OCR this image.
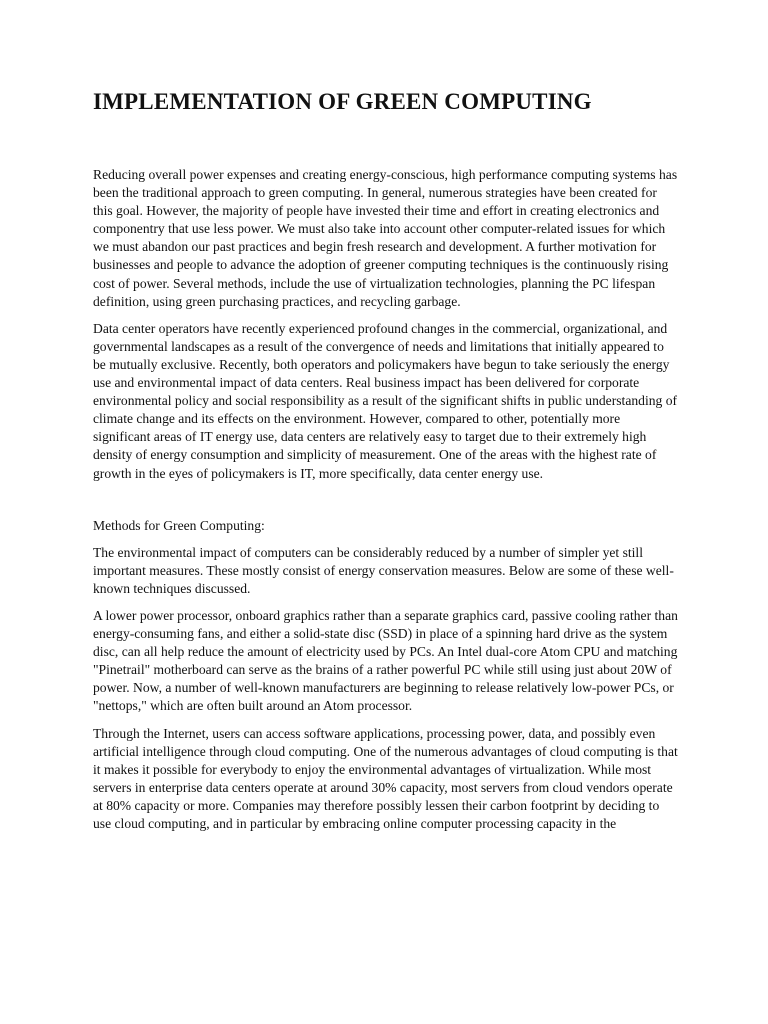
IMPLEMENTATION OF GREEN COMPUTING

Reducing overall power expenses and creating energy-conscious, high performance computing systems has been the traditional approach to green computing. In general, numerous strategies have been created for this goal. However, the majority of people have invested their time and effort in creating electronics and componentry that use less power. We must also take into account other computer-related issues for which we must abandon our past practices and begin fresh research and development. A further motivation for businesses and people to advance the adoption of greener computing techniques is the continuously rising cost of power. Several methods, include the use of virtualization technologies, planning the PC lifespan definition, using green purchasing practices, and recycling garbage.

Data center operators have recently experienced profound changes in the commercial, organizational, and governmental landscapes as a result of the convergence of needs and limitations that initially appeared to be mutually exclusive. Recently, both operators and policymakers have begun to take seriously the energy use and environmental impact of data centers. Real business impact has been delivered for corporate environmental policy and social responsibility as a result of the significant shifts in public understanding of climate change and its effects on the environment. However, compared to other, potentially more significant areas of IT energy use, data centers are relatively easy to target due to their extremely high density of energy consumption and simplicity of measurement. One of the areas with the highest rate of growth in the eyes of policymakers is IT, more specifically, data center energy use.

Methods for Green Computing:

The environmental impact of computers can be considerably reduced by a number of simpler yet still important measures. These mostly consist of energy conservation measures. Below are some of these well-known techniques discussed.

A lower power processor, onboard graphics rather than a separate graphics card, passive cooling rather than energy-consuming fans, and either a solid-state disc (SSD) in place of a spinning hard drive as the system disc, can all help reduce the amount of electricity used by PCs. An Intel dual-core Atom CPU and matching "Pinetrail" motherboard can serve as the brains of a rather powerful PC while still using just about 20W of power. Now, a number of well-known manufacturers are beginning to release relatively low-power PCs, or "nettops," which are often built around an Atom processor.

Through the Internet, users can access software applications, processing power, data, and possibly even artificial intelligence through cloud computing. One of the numerous advantages of cloud computing is that it makes it possible for everybody to enjoy the environmental advantages of virtualization. While most servers in enterprise data centers operate at around 30% capacity, most servers from cloud vendors operate at 80% capacity or more. Companies may therefore possibly lessen their carbon footprint by deciding to use cloud computing, and in particular by embracing online computer processing capacity in the
